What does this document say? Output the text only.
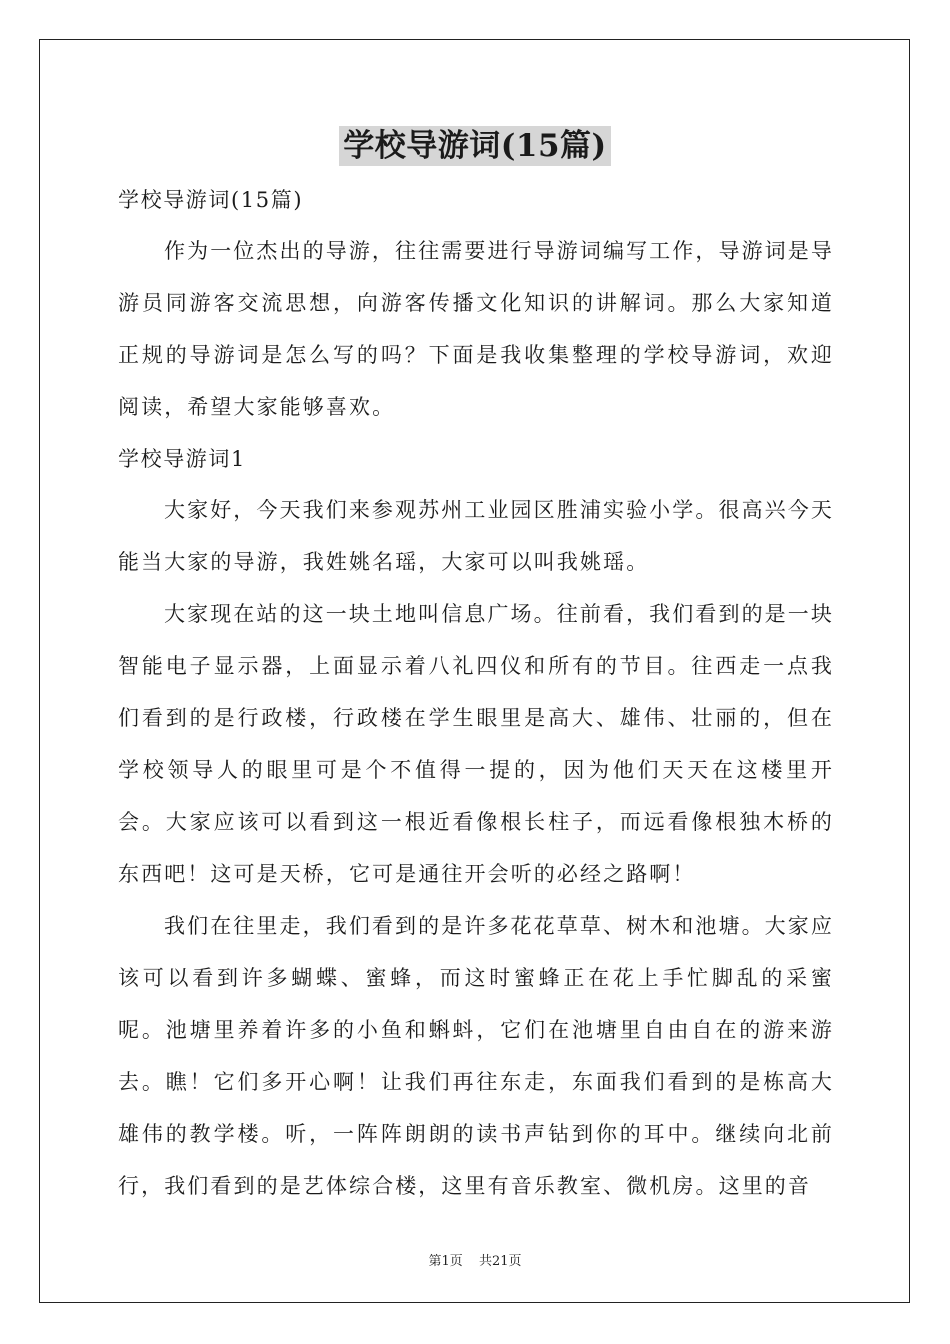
学校导游词(15篇)

学校导游词(15篇)

作为一位杰出的导游，往往需要进行导游词编写工作，导游词是导游员同游客交流思想，向游客传播文化知识的讲解词。那么大家知道正规的导游词是怎么写的吗？下面是我收集整理的学校导游词，欢迎阅读，希望大家能够喜欢。

学校导游词1

大家好，今天我们来参观苏州工业园区胜浦实验小学。很高兴今天能当大家的导游，我姓姚名瑶，大家可以叫我姚瑶。

大家现在站的这一块土地叫信息广场。往前看，我们看到的是一块智能电子显示器，上面显示着八礼四仪和所有的节目。往西走一点我们看到的是行政楼，行政楼在学生眼里是高大、雄伟、壮丽的，但在学校领导人的眼里可是个不值得一提的，因为他们天天在这楼里开会。大家应该可以看到这一根近看像根长柱子，而远看像根独木桥的东西吧！这可是天桥，它可是通往开会听的必经之路啊！

我们在往里走，我们看到的是许多花花草草、树木和池塘。大家应该可以看到许多蝴蝶、蜜蜂，而这时蜜蜂正在花上手忙脚乱的采蜜呢。池塘里养着许多的小鱼和蝌蚪，它们在池塘里自由自在的游来游去。瞧！它们多开心啊！让我们再往东走，东面我们看到的是栋高大雄伟的教学楼。听，一阵阵朗朗的读书声钻到你的耳中。继续向北前行，我们看到的是艺体综合楼，这里有音乐教室、微机房。这里的音

第1页 共21页
